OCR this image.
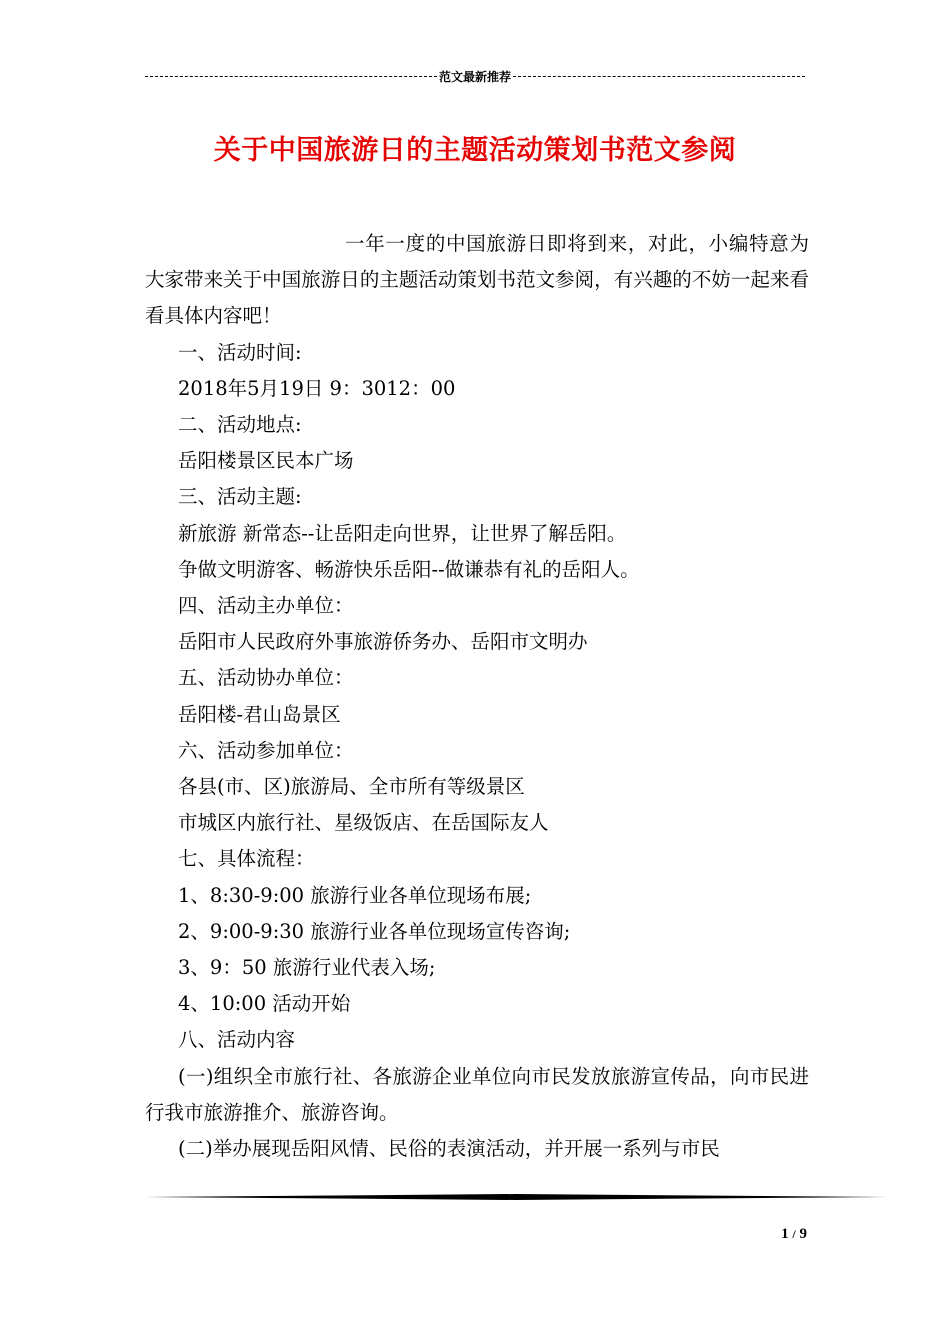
范文最新推荐
关于中国旅游日的主题活动策划书范文参阅

一年一度的中国旅游日即将到来，对此，小编特意为大家带来关于中国旅游日的主题活动策划书范文参阅，有兴趣的不妨一起来看看具体内容吧！

一、活动时间:

2018年5月19日 9：3012：00

二、活动地点:

岳阳楼景区民本广场

三、活动主题:

新旅游 新常态--让岳阳走向世界，让世界了解岳阳。

争做文明游客、畅游快乐岳阳--做谦恭有礼的岳阳人。

四、活动主办单位：

岳阳市人民政府外事旅游侨务办、岳阳市文明办

五、活动协办单位：

岳阳楼-君山岛景区

六、活动参加单位：

各县(市、区)旅游局、全市所有等级景区

市城区内旅行社、星级饭店、在岳国际友人

七、具体流程：

1、8:30-9:00 旅游行业各单位现场布展;

2、9:00-9:30 旅游行业各单位现场宣传咨询;

3、9：50 旅游行业代表入场;

4、10:00 活动开始

八、活动内容

(一)组织全市旅行社、各旅游企业单位向市民发放旅游宣传品，向市民进行我市旅游推介、旅游咨询。

(二)举办展现岳阳风情、民俗的表演活动，并开展一系列与市民

1 / 9
